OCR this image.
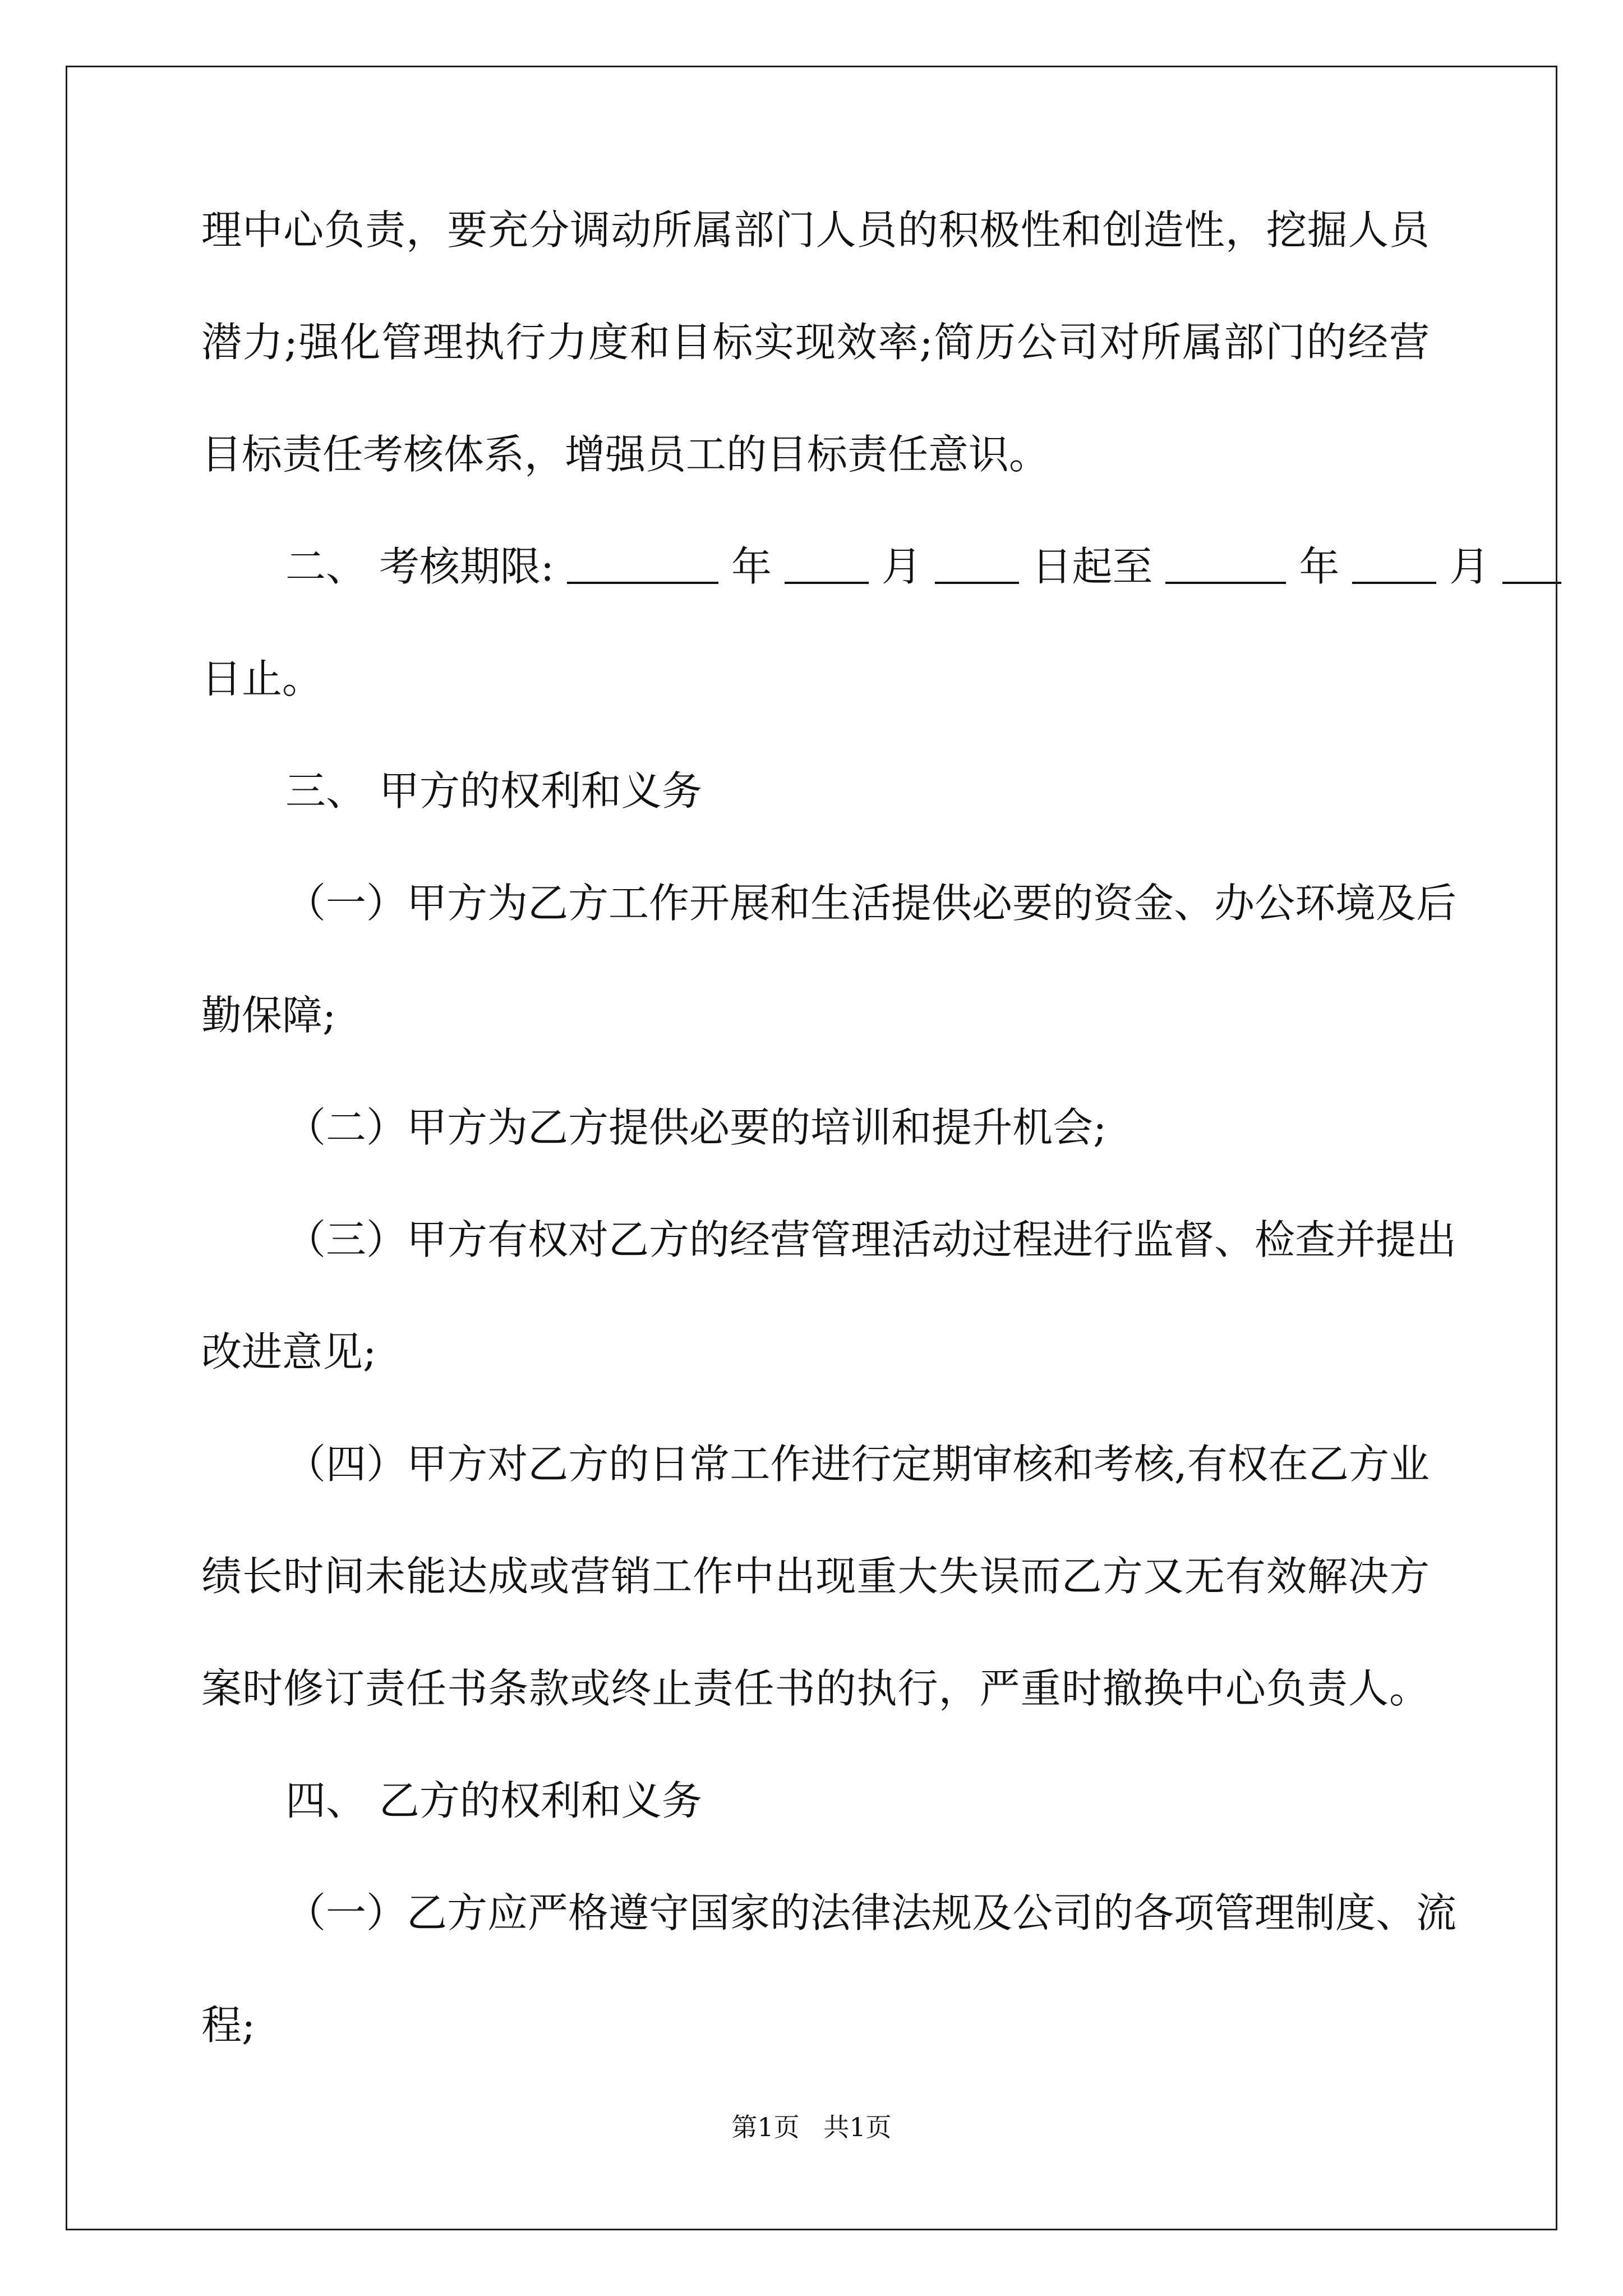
理中心负责，要充分调动所属部门人员的积极性和创造性，挖掘人员
潜力;强化管理执行力度和目标实现效率;简历公司对所属部门的经营
目标责任考核体系，增强员工的目标责任意识。
二、 考核期限:	年	月	日起至	年	月
日止。
三、 甲方的权利和义务
（一）甲方为乙方工作开展和生活提供必要的资金、办公环境及后
勤保障;
（二）甲方为乙方提供必要的培训和提升机会;
（三）甲方有权对乙方的经营管理活动过程进行监督、检查并提出
改进意见;
（四）甲方对乙方的日常工作进行定期审核和考核,有权在乙方业
绩长时间未能达成或营销工作中出现重大失误而乙方又无有效解决方
案时修订责任书条款或终止责任书的执行，严重时撤换中心负责人。
四、 乙方的权利和义务
（一）乙方应严格遵守国家的法律法规及公司的各项管理制度、流
程;
第1页 共1页
